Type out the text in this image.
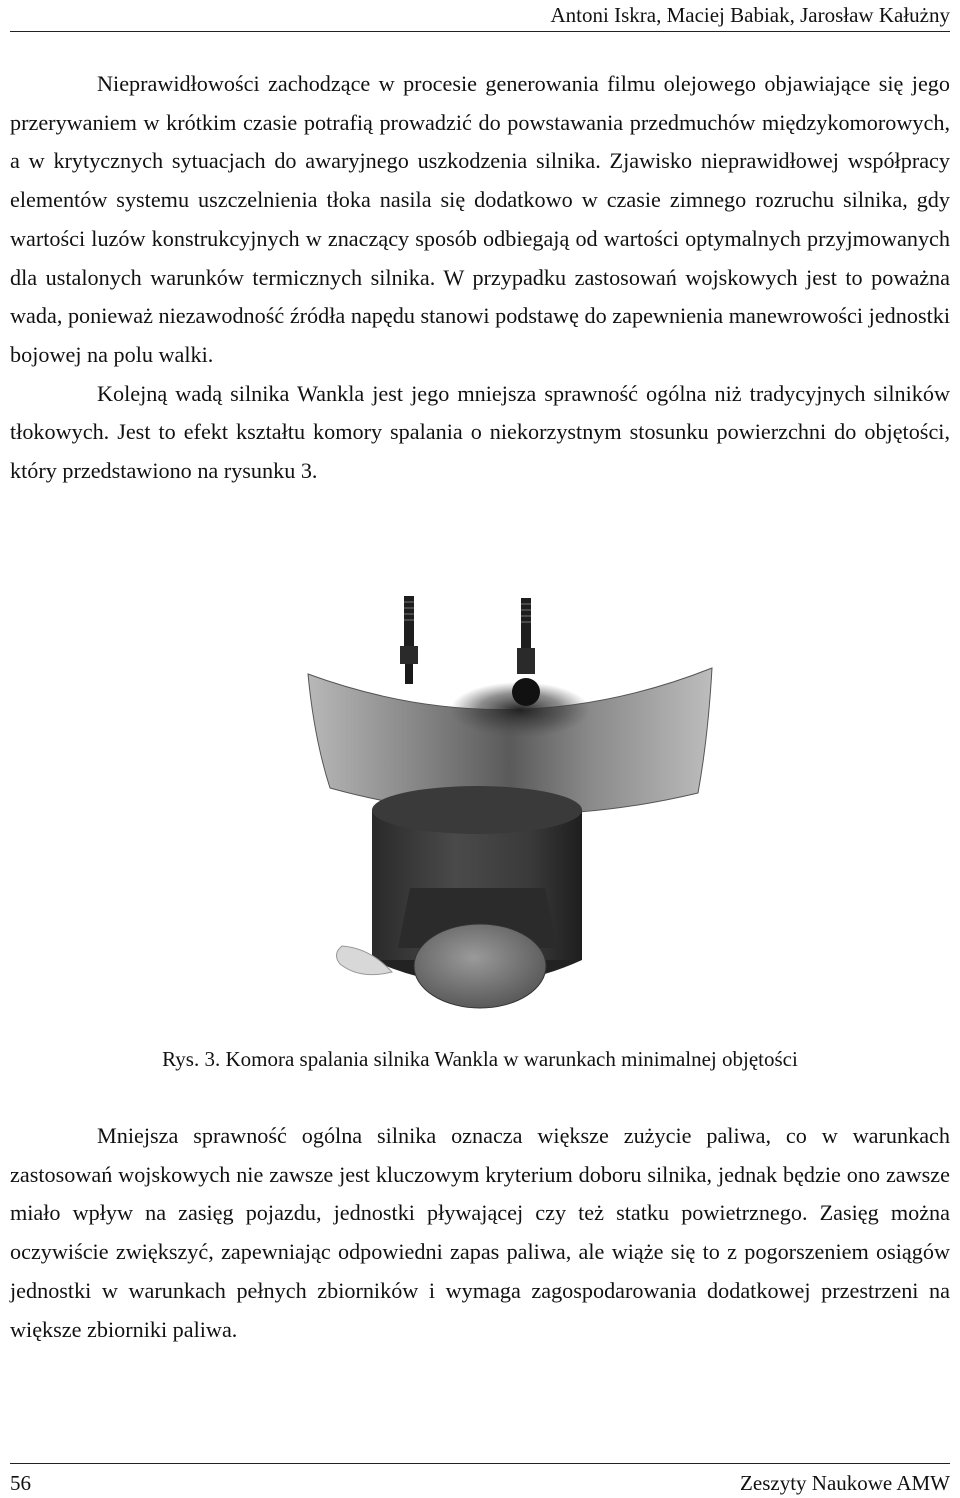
Antoni Iskra, Maciej Babiak, Jarosław Kałużny

Nieprawidłowości zachodzące w procesie generowania filmu olejowego objawiające się jego przerywaniem w krótkim czasie potrafią prowadzić do powstawania przedmuchów międzykomorowych, a w krytycznych sytuacjach do awaryjnego uszkodzenia silnika. Zjawisko nieprawidłowej współpracy elementów systemu uszczelnienia tłoka nasila się dodatkowo w czasie zimnego rozruchu silnika, gdy wartości luzów konstrukcyjnych w znaczący sposób odbiegają od wartości optymalnych przyjmowanych dla ustalonych warunków termicznych silnika. W przypadku zastosowań wojskowych jest to poważna wada, ponieważ niezawodność źródła napędu stanowi podstawę do zapewnienia manewrowości jednostki bojowej na polu walki.

Kolejną wadą silnika Wankla jest jego mniejsza sprawność ogólna niż tradycyjnych silników tłokowych. Jest to efekt kształtu komory spalania o niekorzystnym stosunku powierzchni do objętości, który przedstawiono na rysunku 3.

Rys. 3. Komora spalania silnika Wankla w warunkach minimalnej objętości

Mniejsza sprawność ogólna silnika oznacza większe zużycie paliwa, co w warunkach zastosowań wojskowych nie zawsze jest kluczowym kryterium doboru silnika, jednak będzie ono zawsze miało wpływ na zasięg pojazdu, jednostki pływającej czy też statku powietrznego. Zasięg można oczywiście zwiększyć, zapewniając odpowiedni zapas paliwa, ale wiąże się to z pogorszeniem osiągów jednostki w warunkach pełnych zbiorników i wymaga zagospodarowania dodatkowej przestrzeni na większe zbiorniki paliwa.

56	Zeszyty Naukowe AMW
